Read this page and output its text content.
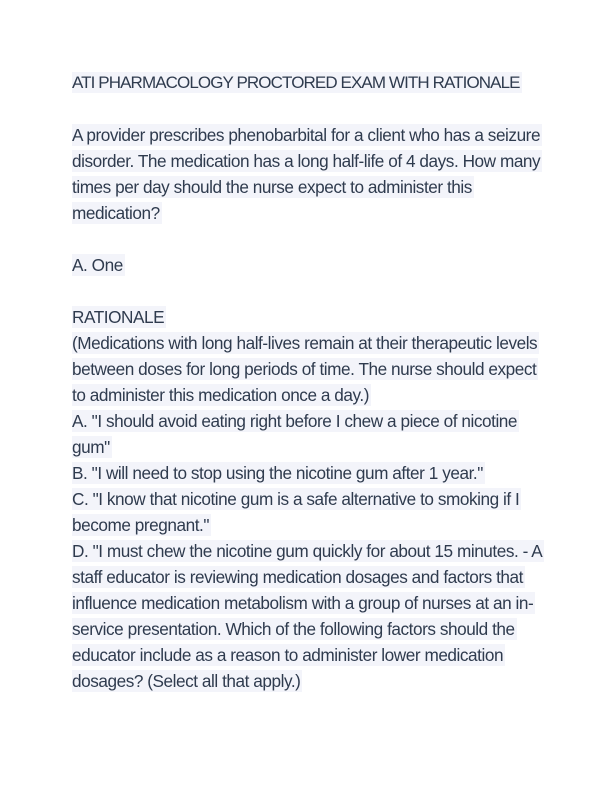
ATI PHARMACOLOGY PROCTORED EXAM WITH RATIONALE

A provider prescribes phenobarbital for a client who has a seizure disorder. The medication has a long half-life of 4 days. How many times per day should the nurse expect to administer this medication?

A. One

RATIONALE

(Medications with long half-lives remain at their therapeutic levels between doses for long periods of time. The nurse should expect to administer this medication once a day.)

A. "I should avoid eating right before I chew a piece of nicotine gum"

B. "I will need to stop using the nicotine gum after 1 year."

C. "I know that nicotine gum is a safe alternative to smoking if I become pregnant."

D. "I must chew the nicotine gum quickly for about 15 minutes. - A staff educator is reviewing medication dosages and factors that influence medication metabolism with a group of nurses at an in-service presentation. Which of the following factors should the educator include as a reason to administer lower medication dosages? (Select all that apply.)
